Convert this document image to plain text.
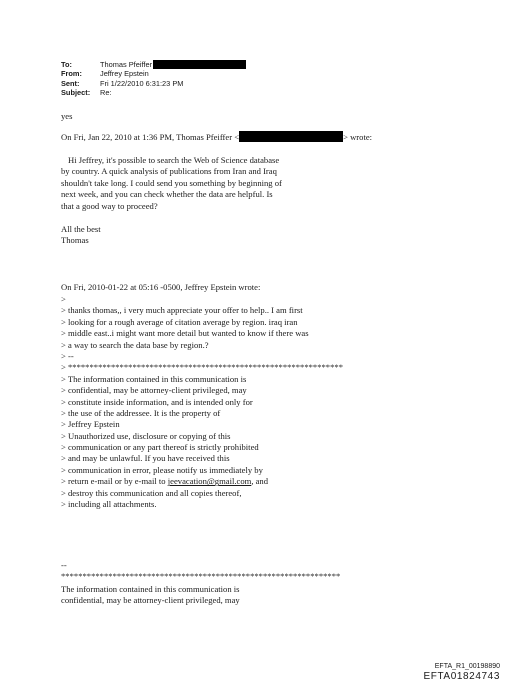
To:	Thomas Pfeiffer
From:	Jeffrey Epstein
Sent:	Fri 1/22/2010 6:31:23 PM
Subject:	Re:
yes
On Fri, Jan 22, 2010 at 1:36 PM, Thomas Pfeiffer <	> wrote:
Hi Jeffrey, it's possible to search the Web of Science database
by country. A quick analysis of publications from Iran and Iraq
shouldn't take long. I could send you something by beginning of
next week, and you can check whether the data are helpful. Is
that a good way to proceed?
All the best
Thomas
On Fri, 2010-01-22 at 05:16 -0500, Jeffrey Epstein wrote:
>
> thanks thomas,, i very much appreciate your offer to help.. I am first
> looking for a rough average of citation average by region. iraq iran
> middle east..i might want more detail but wanted to know if there was
> a way to search the data base by region.?
> --
> ****************************************************************
> The information contained in this communication is
> confidential, may be attorney-client privileged, may
> constitute inside information, and is intended only for
> the use of the addressee. It is the property of
> Jeffrey Epstein
> Unauthorized use, disclosure or copying of this
> communication or any part thereof is strictly prohibited
> and may be unlawful. If you have received this
> communication in error, please notify us immediately by
> return e-mail or by e-mail to jeevacation@gmail.com, and
> destroy this communication and all copies thereof,
> including all attachments.
--
*****************************************************************
The information contained in this communication is
confidential, may be attorney-client privileged, may
EFTA_R1_00198890
EFTA01824743
